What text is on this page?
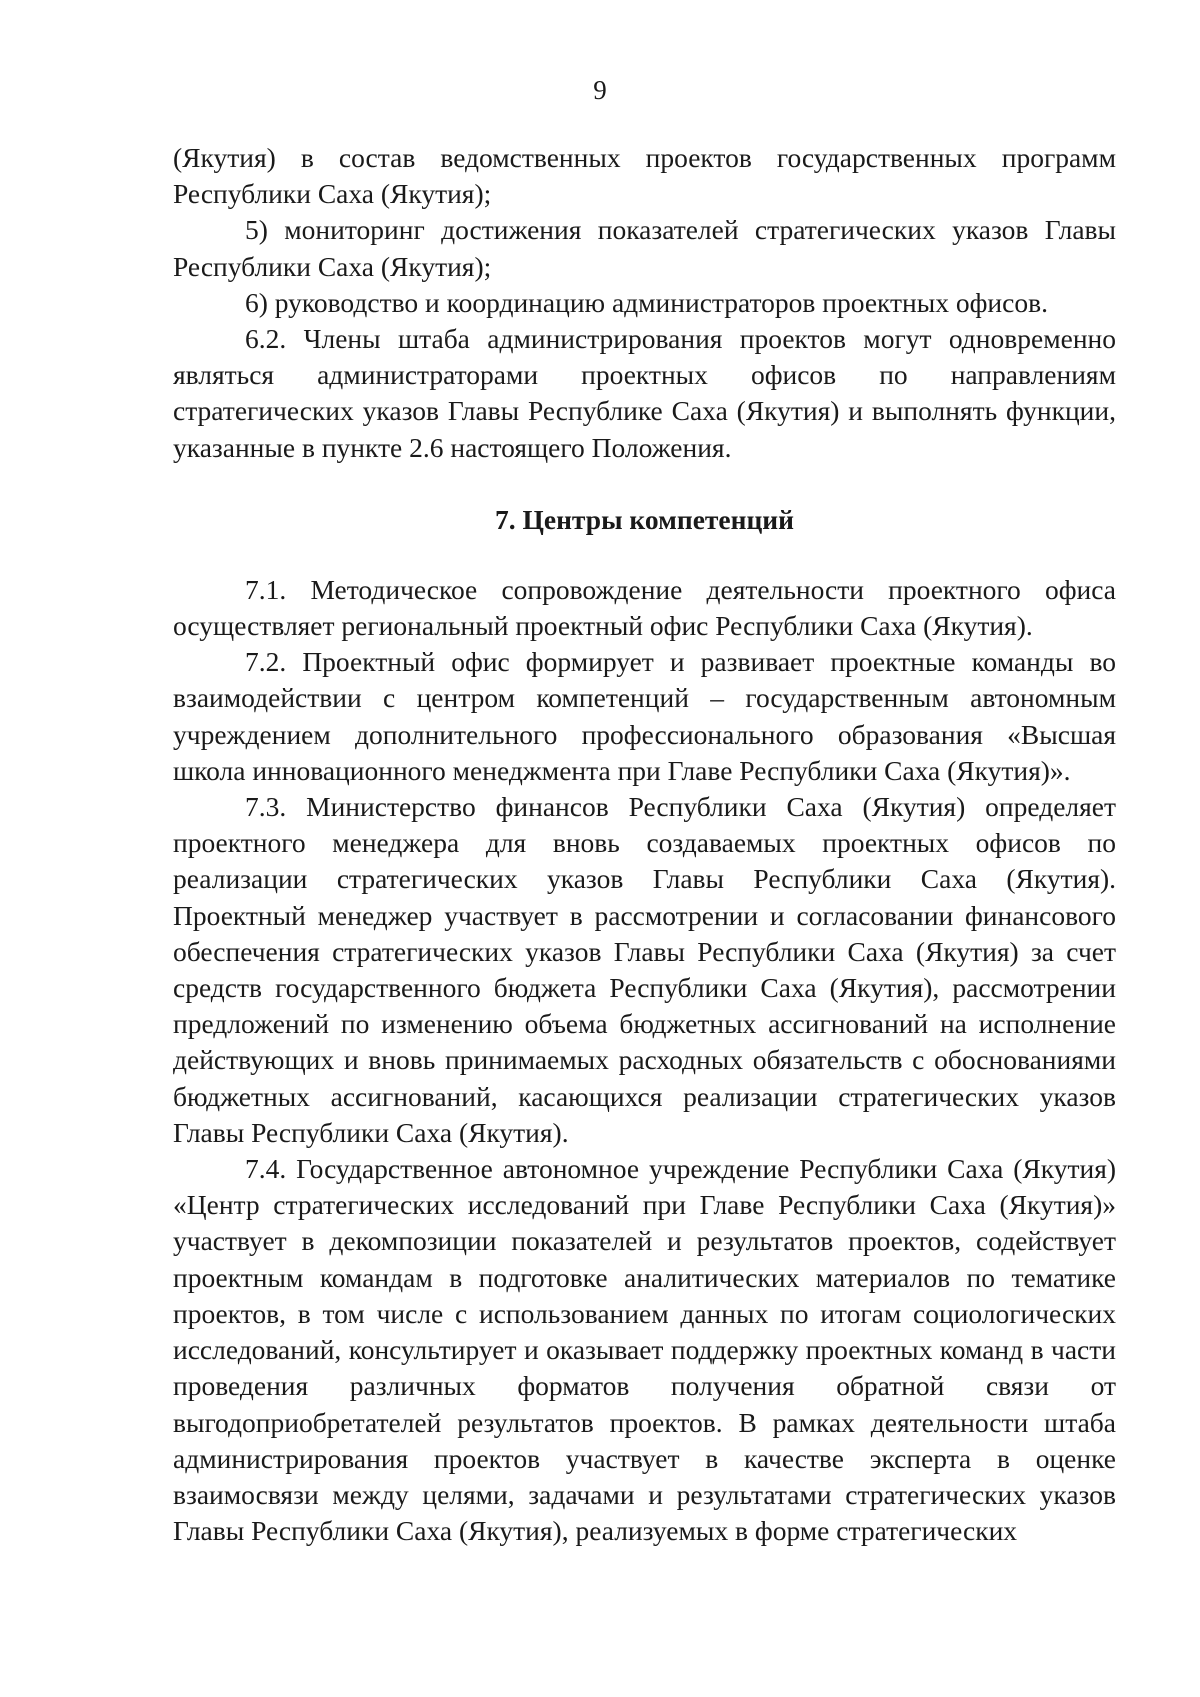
9

(Якутия) в состав ведомственных проектов государственных программ Республики Саха (Якутия);

5) мониторинг достижения показателей стратегических указов Главы Республики Саха (Якутия);

6) руководство и координацию администраторов проектных офисов.

6.2. Члены штаба администрирования проектов могут одновременно являться администраторами проектных офисов по направлениям стратегических указов Главы Республике Саха (Якутия) и выполнять функции, указанные в пункте 2.6 настоящего Положения.

7. Центры компетенций

7.1. Методическое сопровождение деятельности проектного офиса осуществляет региональный проектный офис Республики Саха (Якутия).

7.2. Проектный офис формирует и развивает проектные команды во взаимодействии с центром компетенций – государственным автономным учреждением дополнительного профессионального образования «Высшая школа инновационного менеджмента при Главе Республики Саха (Якутия)».

7.3. Министерство финансов Республики Саха (Якутия) определяет проектного менеджера для вновь создаваемых проектных офисов по реализации стратегических указов Главы Республики Саха (Якутия). Проектный менеджер участвует в рассмотрении и согласовании финансового обеспечения стратегических указов Главы Республики Саха (Якутия) за счет средств государственного бюджета Республики Саха (Якутия), рассмотрении предложений по изменению объема бюджетных ассигнований на исполнение действующих и вновь принимаемых расходных обязательств с обоснованиями бюджетных ассигнований, касающихся реализации стратегических указов Главы Республики Саха (Якутия).

7.4. Государственное автономное учреждение Республики Саха (Якутия) «Центр стратегических исследований при Главе Республики Саха (Якутия)» участвует в декомпозиции показателей и результатов проектов, содействует проектным командам в подготовке аналитических материалов по тематике проектов, в том числе с использованием данных по итогам социологических исследований, консультирует и оказывает поддержку проектных команд в части проведения различных форматов получения обратной связи от выгодоприобретателей результатов проектов. В рамках деятельности штаба администрирования проектов участвует в качестве эксперта в оценке взаимосвязи между целями, задачами и результатами стратегических указов Главы Республики Саха (Якутия), реализуемых в форме стратегических
